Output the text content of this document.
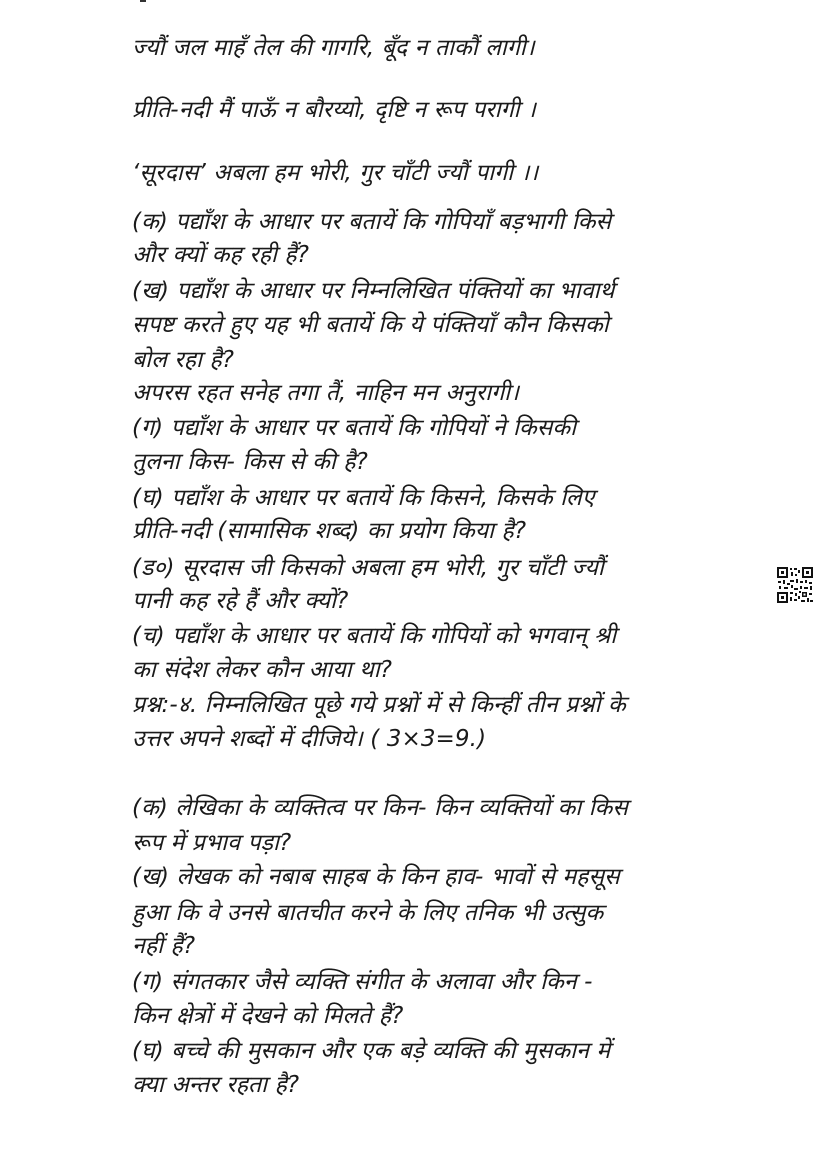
ज्यौं जल माहँ तेल की गागरि, बूँद न ताकौं लागी।
प्रीति-नदी मैं पाऊँ न बौरय्यो, दृष्टि न रूप परागी ।
‘सूरदास’ अबला हम भोरी, गुर चाँटी ज्यौं पागी ।।
(क) पद्याँश के आधार पर बतायें कि गोपियाँ बड़भागी किसे
और क्यों कह रही हैं?
(ख) पद्याँश के आधार पर निम्नलिखित पंक्तियों का भावार्थ
सपष्ट करते हुए यह भी बतायें कि ये पंक्तियाँ कौन किसको
बोल रहा है?
अपरस रहत सनेह तगा तैं, नाहिन मन अनुरागी।
(ग) पद्याँश के आधार पर बतायें कि गोपियों ने किसकी
तुलना किस- किस से की है?
(घ) पद्याँश के आधार पर बतायें कि किसने, किसके लिए
प्रीति-नदी (सामासिक शब्द) का प्रयोग किया है?
(ड०) सूरदास जी किसको अबला हम भोरी, गुर चाँटी ज्यौं
पानी कह रहे हैं और क्यों?
(च) पद्याँश के आधार पर बतायें कि गोपियों को भगवान् श्री
का संदेश लेकर कौन आया था?
प्रश्न:-४. निम्नलिखित पूछे गये प्रश्नों में से किन्हीं तीन प्रश्नों के
उत्तर अपने शब्दों में दीजिये। ( 3×3=9.)
(क) लेखिका के व्यक्तित्व पर किन- किन व्यक्तियों का किस
रूप में प्रभाव पड़ा?
(ख) लेखक को नबाब साहब के किन हाव- भावों से महसूस
हुआ कि वे उनसे बातचीत करने के लिए तनिक भी उत्सुक
नहीं हैं?
(ग) संगतकार जैसे व्यक्ति संगीत के अलावा और किन -
किन क्षेत्रों में देखने को मिलते हैं?
(घ) बच्चे की मुसकान और एक बड़े व्यक्ति की मुसकान में
क्या अन्तर रहता है?
